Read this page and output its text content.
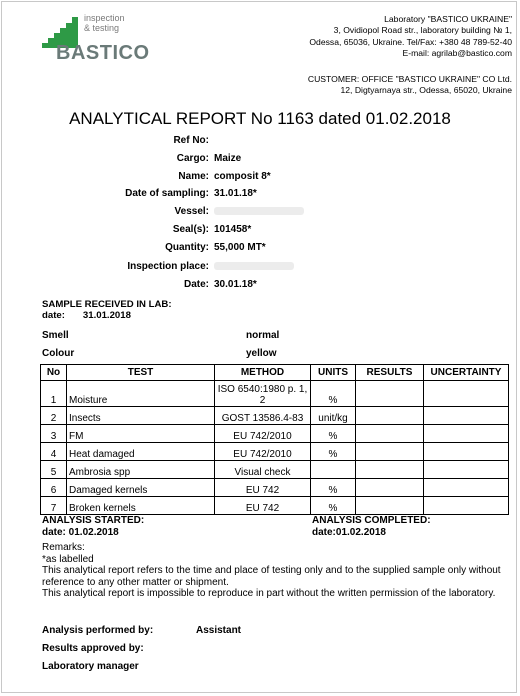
inspection
& testing
BASTICO
Laboratory "BASTICO UKRAINE"
3, Ovidiopol Road str., laboratory building № 1,
Odessa, 65036, Ukraine. Tel/Fax: +380 48 789-52-40
E-mail: agrilab@bastico.com
CUSTOMER: OFFICE "BASTICO UKRAINE" CO Ltd.
12, Digtyarnaya str., Odessa, 65020, Ukraine
ANALYTICAL REPORT No 1163 dated 01.02.2018
Ref No:
Cargo: Maize
Name: composit 8*
Date of sampling: 31.01.18*
Vessel:
Seal(s): 101458*
Quantity: 55,000 MT*
Inspection place:
Date: 30.01.18*
SAMPLE RECEIVED IN LAB:
date: 31.01.2018
Smell	normal
Colour	yellow
No	TEST	METHOD	UNITS	RESULTS	UNCERTAINTY
1	Moisture	ISO 6540:1980 p. 1, 2	%		
2	Insects	GOST 13586.4-83	unit/kg		
3	FM	EU 742/2010	%		
4	Heat damaged	EU 742/2010	%		
5	Ambrosia spp	Visual check			
6	Damaged kernels	EU 742	%		
7	Broken kernels	EU 742	%		
ANALYSIS STARTED:
date: 01.02.2018
ANALYSIS COMPLETED:
date:01.02.2018
Remarks:
*as labelled
This analytical report refers to the time and place of testing only and to the supplied sample only without reference to any other matter or shipment.
This analytical report is impossible to reproduce in part without the written permission of the laboratory.
Analysis performed by:	Assistant
Results approved by:
Laboratory manager
